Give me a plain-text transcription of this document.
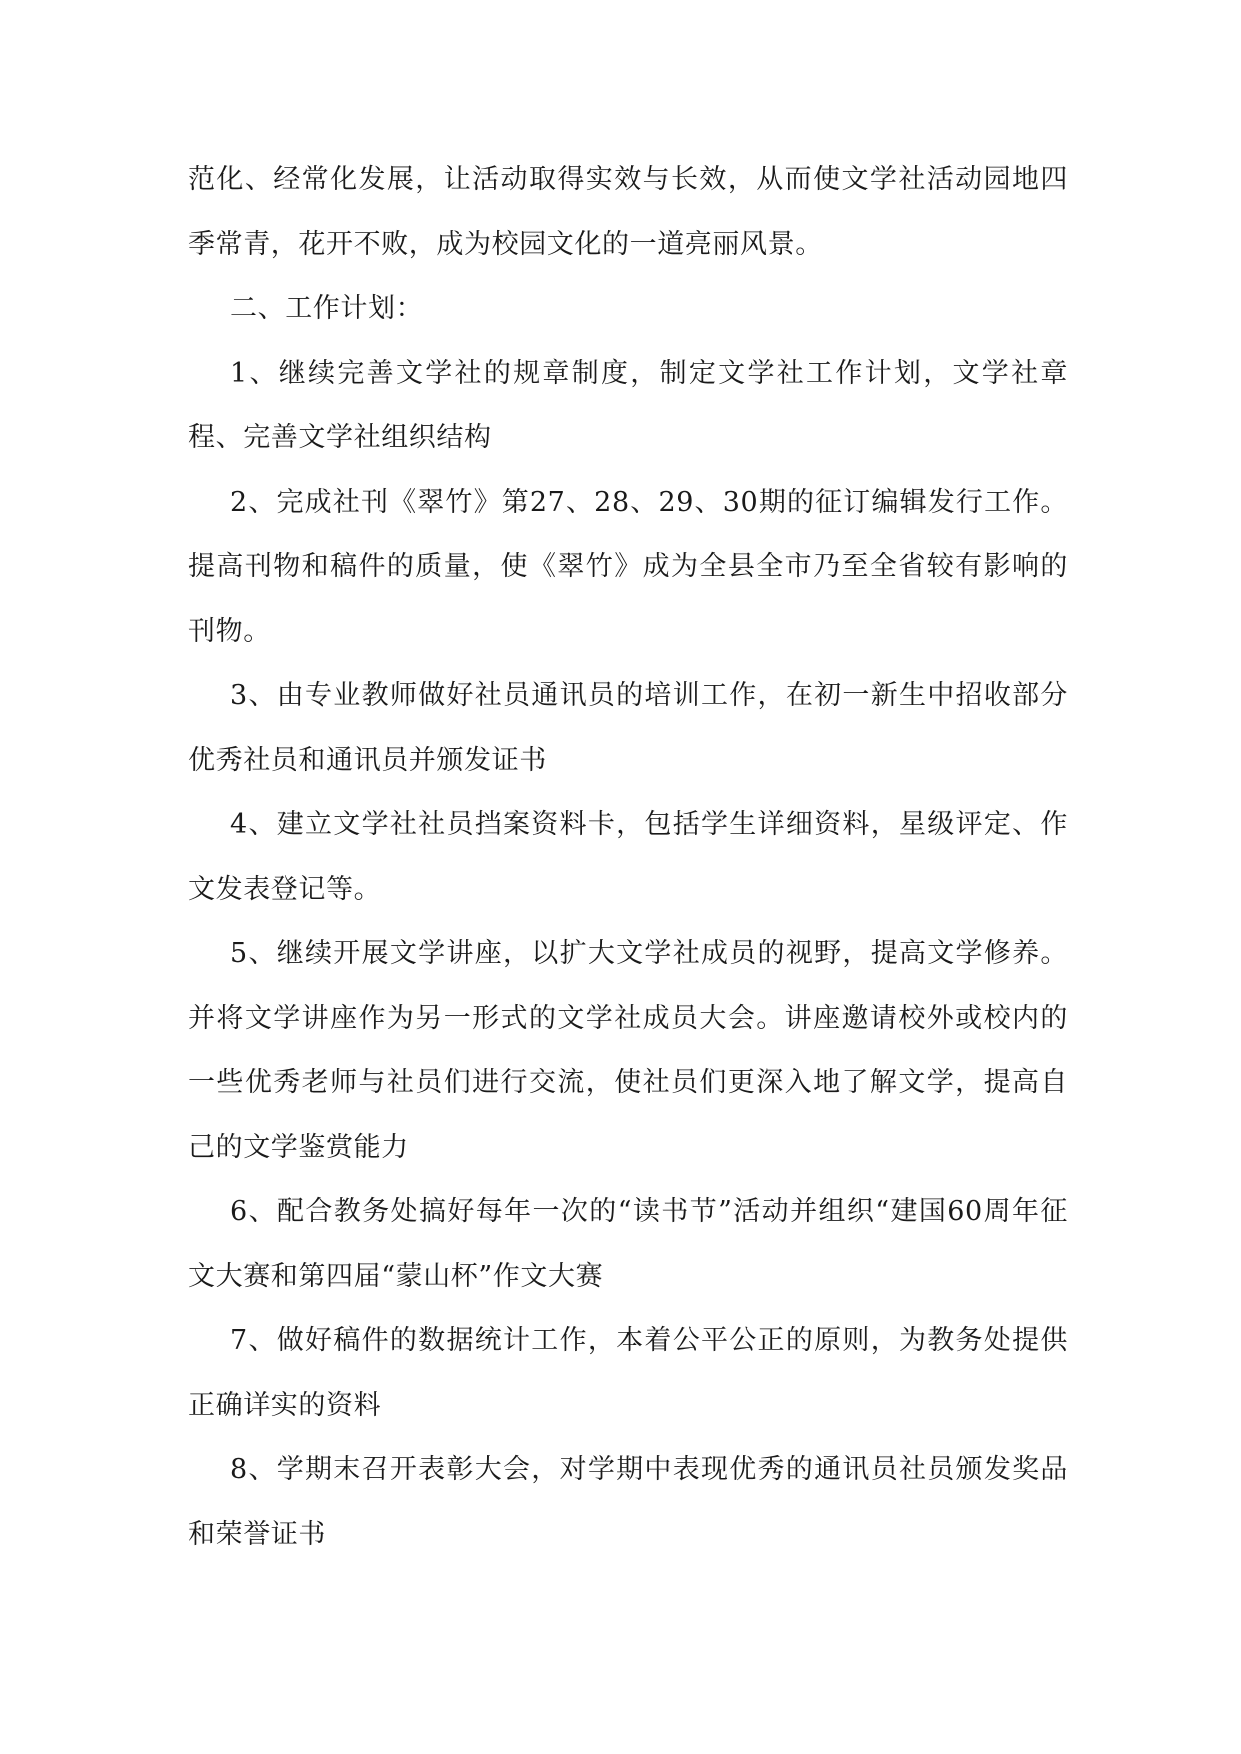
范化、经常化发展，让活动取得实效与长效，从而使文学社活动园地四季常青，花开不败，成为校园文化的一道亮丽风景。

二、工作计划：

1、继续完善文学社的规章制度，制定文学社工作计划，文学社章程、完善文学社组织结构

2、完成社刊《翠竹》第27、28、29、30期的征订编辑发行工作。提高刊物和稿件的质量，使《翠竹》成为全县全市乃至全省较有影响的刊物。

3、由专业教师做好社员通讯员的培训工作，在初一新生中招收部分优秀社员和通讯员并颁发证书

4、建立文学社社员挡案资料卡，包括学生详细资料，星级评定、作文发表登记等。

5、继续开展文学讲座，以扩大文学社成员的视野，提高文学修养。并将文学讲座作为另一形式的文学社成员大会。讲座邀请校外或校内的一些优秀老师与社员们进行交流，使社员们更深入地了解文学，提高自己的文学鉴赏能力

6、配合教务处搞好每年一次的“读书节”活动并组织“建国60周年征文大赛和第四届“蒙山杯”作文大赛

7、做好稿件的数据统计工作，本着公平公正的原则，为教务处提供正确详实的资料

8、学期末召开表彰大会，对学期中表现优秀的通讯员社员颁发奖品和荣誉证书
